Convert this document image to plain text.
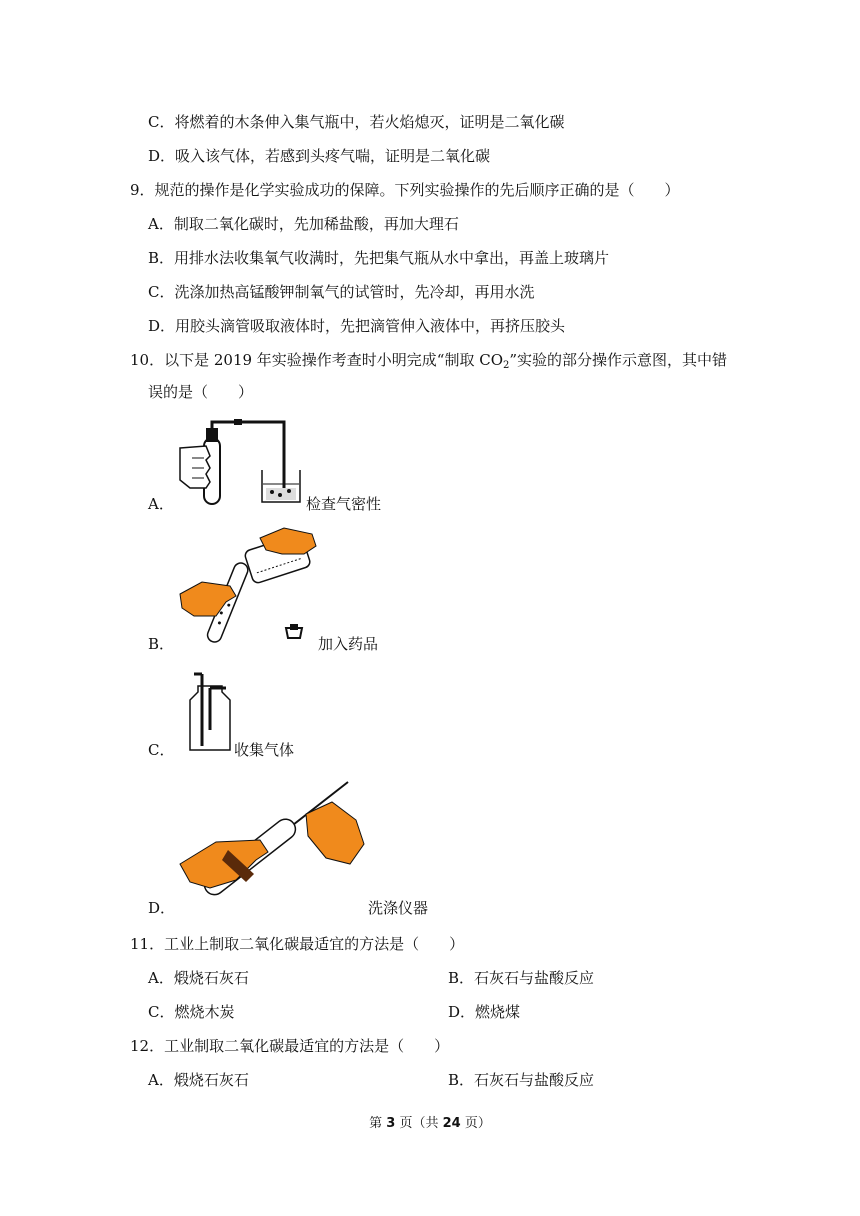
C．将燃着的木条伸入集气瓶中，若火焰熄灭，证明是二氧化碳
D．吸入该气体，若感到头疼气喘，证明是二氧化碳
9．规范的操作是化学实验成功的保障。下列实验操作的先后顺序正确的是（　　）
A．制取二氧化碳时，先加稀盐酸，再加大理石
B．用排水法收集氧气收满时，先把集气瓶从水中拿出，再盖上玻璃片
C．洗涤加热高锰酸钾制氧气的试管时，先冷却，再用水洗
D．用胶头滴管吸取液体时，先把滴管伸入液体中，再挤压胶头
10．以下是 2019 年实验操作考查时小明完成“制取 $CO_2$”实验的部分操作示意图，其中错
误的是（　　）
A．	检查气密性
B．	加入药品
C．	收集气体
D．	洗涤仪器
11．工业上制取二氧化碳最适宜的方法是（　　）
A．煅烧石灰石	B．石灰石与盐酸反应
C．燃烧木炭	D．燃烧煤
12．工业制取二氧化碳最适宜的方法是（　　）
A．煅烧石灰石	B．石灰石与盐酸反应
第 3 页（共 24 页）
